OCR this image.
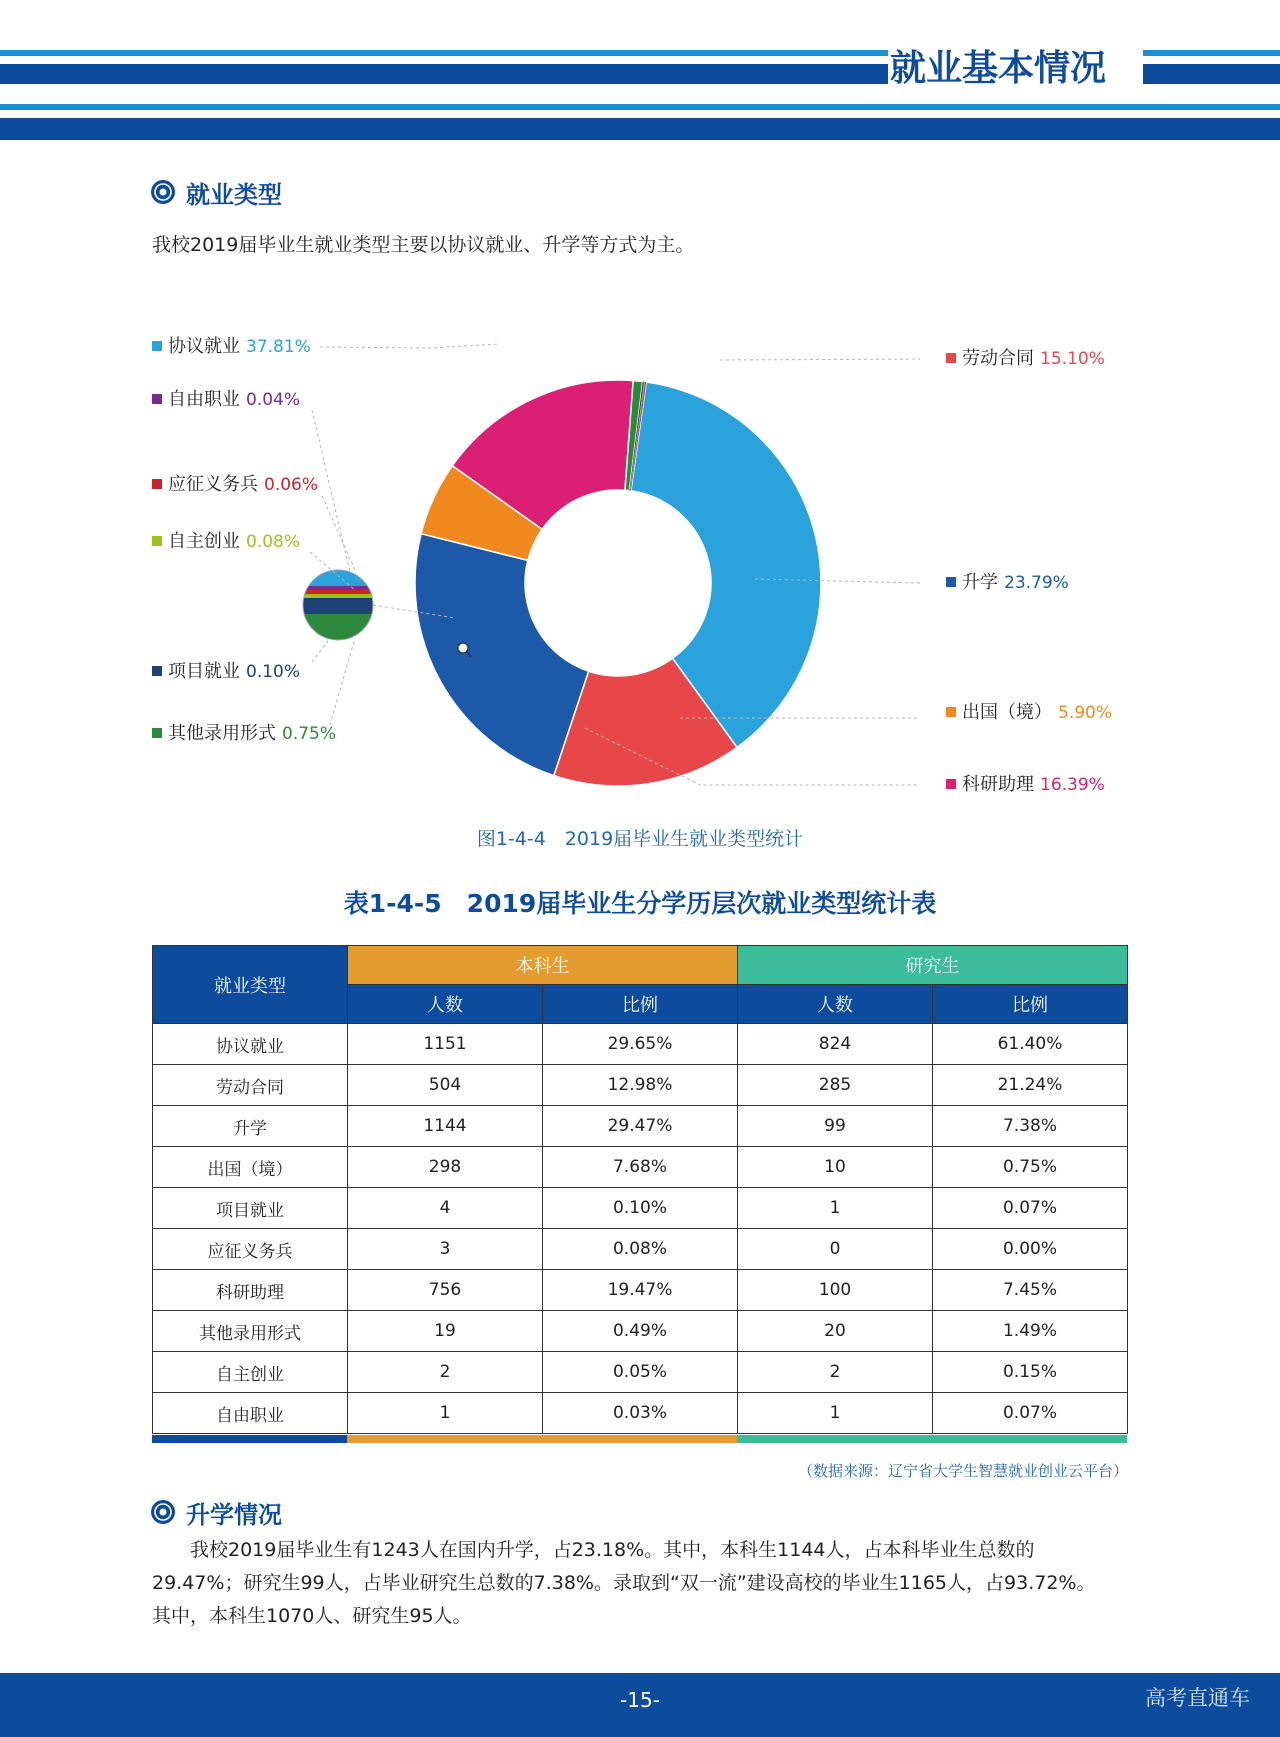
就业基本情况
就业类型
我校2019届毕业生就业类型主要以协议就业、升学等方式为主。
协议就业 37.81%
劳动合同 15.10%
升学 23.79%
出国（境） 5.90%
科研助理 16.39%
其他录用形式 0.75%
项目就业 0.10%
自主创业 0.08%
应征义务兵 0.06%
自由职业 0.04%
图1-4-4　2019届毕业生就业类型统计
表1-4-5　2019届毕业生分学历层次就业类型统计表
就业类型	本科生		研究生	
	人数	比例	人数	比例
协议就业	1151	29.65%	824	61.40%
劳动合同	504	12.98%	285	21.24%
升学	1144	29.47%	99	7.38%
出国（境）	298	7.68%	10	0.75%
项目就业	4	0.10%	1	0.07%
应征义务兵	3	0.08%	0	0.00%
科研助理	756	19.47%	100	7.45%
其他录用形式	19	0.49%	20	1.49%
自主创业	2	0.05%	2	0.15%
自由职业	1	0.03%	1	0.07%
（数据来源：辽宁省大学生智慧就业创业云平台）
升学情况
　　我校2019届毕业生有1243人在国内升学，占23.18%。其中，本科生1144人，占本科毕业生总数的
29.47%；研究生99人，占毕业研究生总数的7.38%。录取到“双一流”建设高校的毕业生1165人，占93.72%。
其中，本科生1070人、研究生95人。
-15-	高考直通车
